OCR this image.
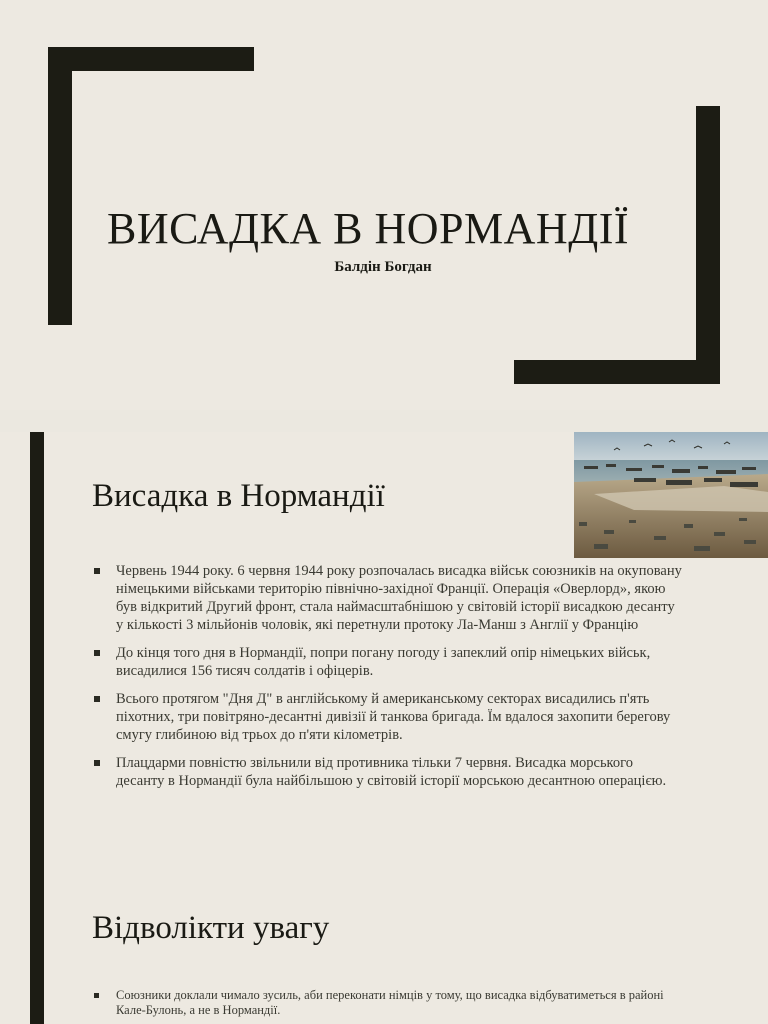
ВИСАДКА В НОРМАНДІЇ
Балдін Богдан
Висадка в Нормандії
Червень 1944 року. 6 червня 1944 року розпочалась висадка військ союзників на окуповану німецькими військами територію північно-західної Франції. Операція «Оверлорд», якою був відкритий Другий фронт, стала наймасштабнішою у світовій історії висадкою десанту у кількості 3 мільйонів чоловік, які перетнули протоку Ла-Манш з Англії у Францію
До кінця того дня в Нормандії, попри погану погоду і запеклий опір німецьких військ, висадилися 156 тисяч солдатів і офіцерів.
Всього протягом "Дня Д" в англійському й американському секторах висадились п'ять піхотних, три повітряно-десантні дивізії й танкова бригада. Їм вдалося захопити берегову смугу глибиною від трьох до п'яти кілометрів.
Плацдарми повністю звільнили від противника тільки 7 червня. Висадка морського десанту в Нормандії була найбільшою у світовій історії морською десантною операцією.
Відволікти увагу
Союзники доклали чимало зусиль, аби переконати німців у тому, що висадка відбуватиметься в районі Кале-Булонь, а не в Нормандії.
